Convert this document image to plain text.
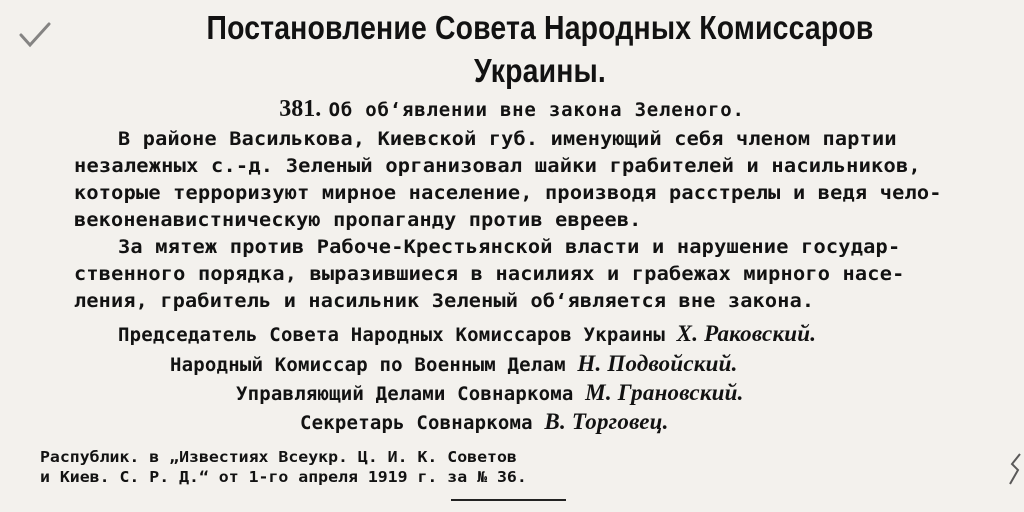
Постановление Совета Народных Комиссаров
Украины.
381. Об об‘явлении вне закона Зеленого.
В районе Василькова, Киевской губ. именующий себя членом партии
незалежных с.-д. Зеленый организовал шайки грабителей и насильников,
которые терроризуют мирное население, производя расстрелы и ведя чело-
веконенавистническую пропаганду против евреев.
За мятеж против Рабоче-Крестьянской власти и нарушение государ-
ственного порядка, выразившиеся в насилиях и грабежах мирного насе-
ления, грабитель и насильник Зеленый об‘является вне закона.
Председатель Совета Народных Комиссаров Украины Х. Раковский.
Народный Комиссар по Военным Делам Н. Подвойский.
Управляющий Делами Совнаркома М. Грановский.
Секретарь Совнаркома В. Торговец.
Распублик. в „Известиях Всеукр. Ц. И. К. Советов
и Киев. С. Р. Д.“ от 1-го апреля 1919 г. за № 36.
